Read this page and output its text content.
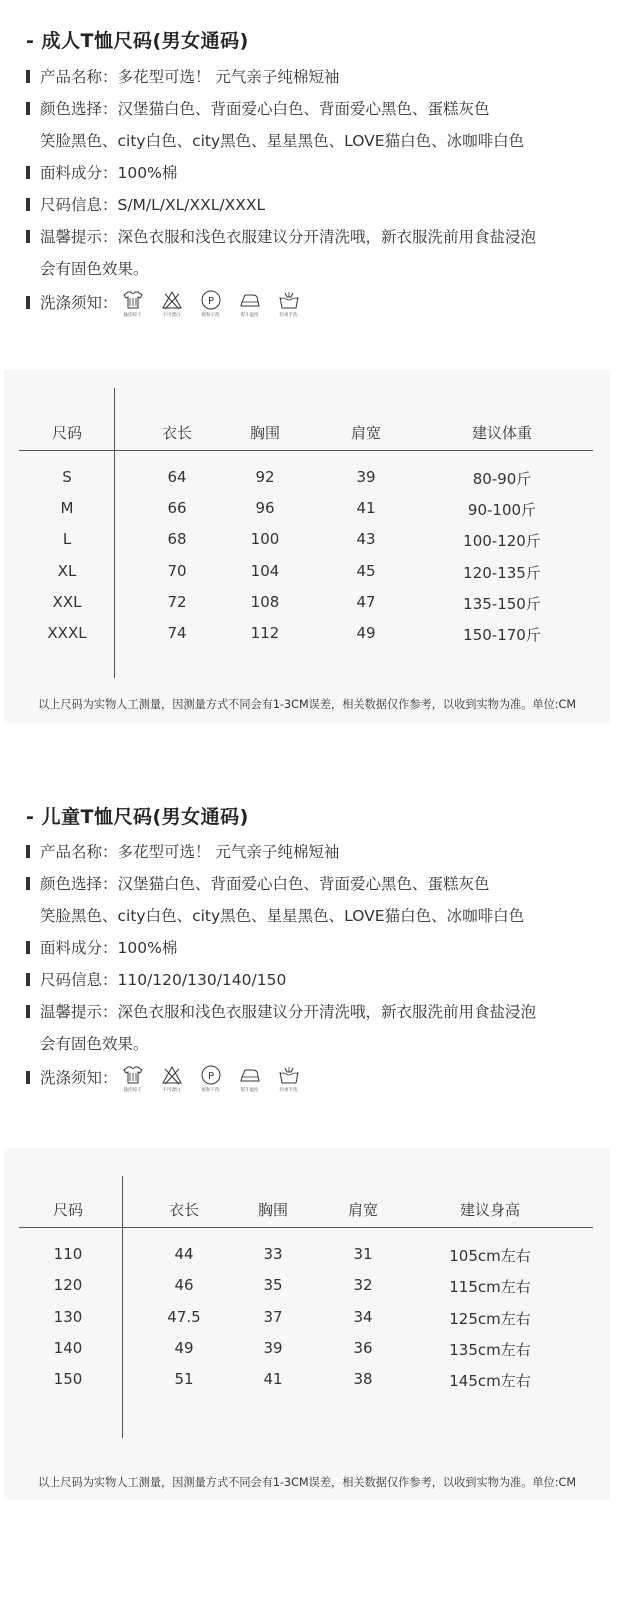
- 成人T恤尺码(男女通码)
产品名称：多花型可选！ 元气亲子纯棉短袖
颜色选择：汉堡猫白色、背面爱心白色、背面爱心黑色、蛋糕灰色
笑脸黑色、city白色、city黑色、星星黑色、LOVE猫白色、冰咖啡白色
面料成分：100%棉
尺码信息：S/M/L/XL/XXL/XXXL
温馨提示：深色衣服和浅色衣服建议分开清洗哦，新衣服洗前用食盐浸泡
会有固色效果。
洗涤须知：
悬挂晾干	不可漂白
P
缓和干洗	熨斗温度	轻柔手洗
尺码	衣长	胸围	肩宽	建议体重
S	64	92	39	80-90斤
M	66	96	41	90-100斤
L	68	100	43	100-120斤
XL	70	104	45	120-135斤
XXL	72	108	47	135-150斤
XXXL	74	112	49	150-170斤
以上尺码为实物人工测量，因测量方式不同会有1-3CM误差，相关数据仅作参考，以收到实物为准。单位:CM
- 儿童T恤尺码(男女通码)
产品名称：多花型可选！ 元气亲子纯棉短袖
颜色选择：汉堡猫白色、背面爱心白色、背面爱心黑色、蛋糕灰色
笑脸黑色、city白色、city黑色、星星黑色、LOVE猫白色、冰咖啡白色
面料成分：100%棉
尺码信息：110/120/130/140/150
温馨提示：深色衣服和浅色衣服建议分开清洗哦，新衣服洗前用食盐浸泡
会有固色效果。
洗涤须知：
悬挂晾干	不可漂白
P
缓和干洗	熨斗温度	轻柔手洗
尺码	衣长	胸围	肩宽	建议身高
110	44	33	31	105cm左右
120	46	35	32	115cm左右
130	47.5	37	34	125cm左右
140	49	39	36	135cm左右
150	51	41	38	145cm左右
以上尺码为实物人工测量，因测量方式不同会有1-3CM误差，相关数据仅作参考，以收到实物为准。单位:CM
